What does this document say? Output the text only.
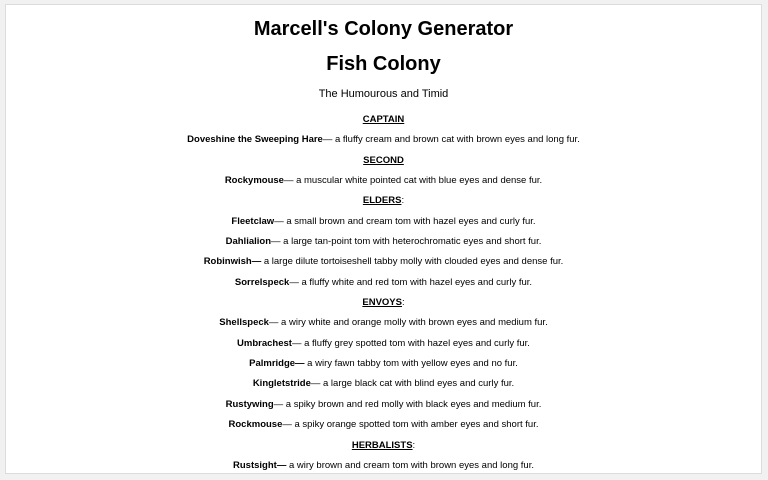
Marcell's Colony Generator
Fish Colony
The Humourous and Timid
CAPTAIN
Doveshine the Sweeping Hare— a fluffy cream and brown cat with brown eyes and long fur.
SECOND
Rockymouse— a muscular white pointed cat with blue eyes and dense fur.
ELDERS:
Fleetclaw— a small brown and cream tom with hazel eyes and curly fur.
Dahlialion— a large tan-point tom with heterochromatic eyes and short fur.
Robinwish— a large dilute tortoiseshell tabby molly with clouded eyes and dense fur.
Sorrelspeck— a fluffy white and red tom with hazel eyes and curly fur.
ENVOYS:
Shellspeck— a wiry white and orange molly with brown eyes and medium fur.
Umbrachest— a fluffy grey spotted tom with hazel eyes and curly fur.
Palmridge— a wiry fawn tabby tom with yellow eyes and no fur.
Kingletstride— a large black cat with blind eyes and curly fur.
Rustywing— a spiky brown and red molly with black eyes and medium fur.
Rockmouse— a spiky orange spotted tom with amber eyes and short fur.
HERBALISTS:
Rustsight— a wiry brown and cream tom with brown eyes and long fur.
